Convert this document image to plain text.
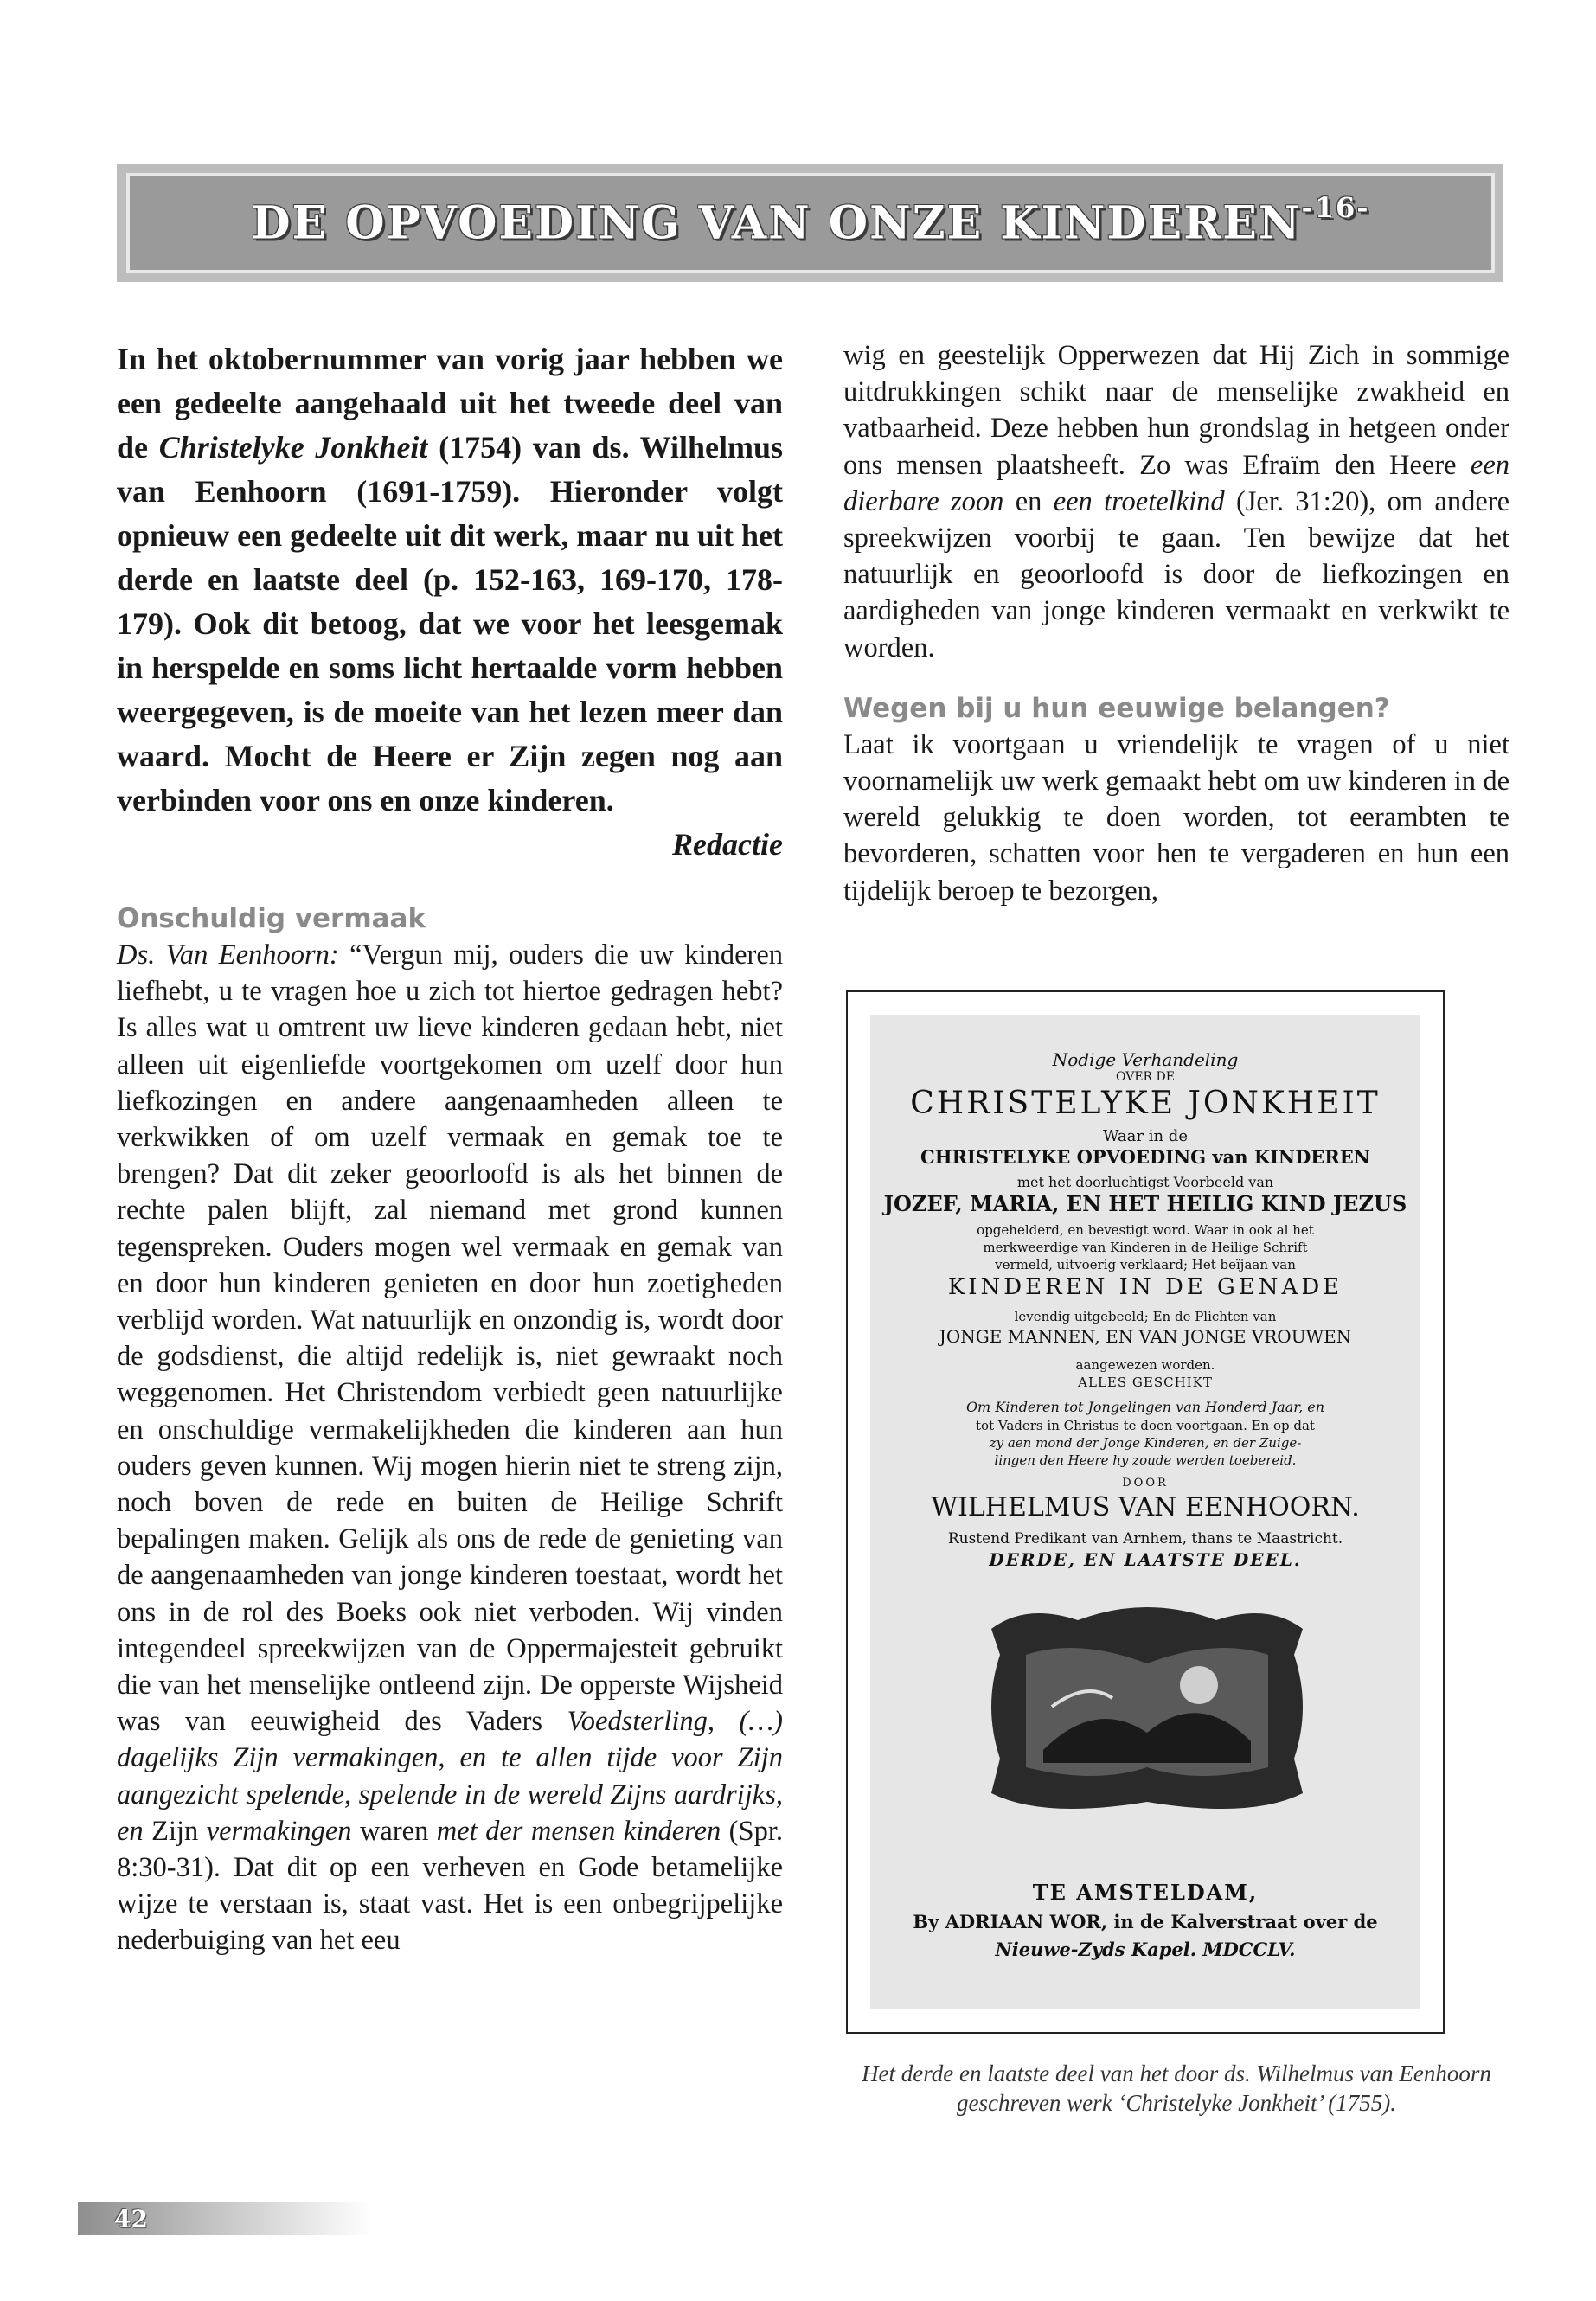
DE OPVOEDING VAN ONZE $KINDEREN^{-16-}$

In het oktobernummer van vorig jaar hebben we een gedeelte aangehaald uit het tweede deel van de Christelyke Jonkheit (1754) van ds. Wilhelmus van Eenhoorn (1691-1759). Hieronder volgt opnieuw een gedeelte uit dit werk, maar nu uit het derde en laatste deel (p. 152-163, 169-170, 178-179). Ook dit betoog, dat we voor het leesgemak in herspelde en soms licht hertaalde vorm hebben weergegeven, is de moeite van het lezen meer dan waard. Mocht de Heere er Zijn zegen nog aan verbinden voor ons en onze kinderen.

Redactie

Onschuldig vermaak

Ds. Van Eenhoorn: “Vergun mij, ouders die uw kinderen liefhebt, u te vragen hoe u zich tot hiertoe gedragen hebt? Is alles wat u omtrent uw lieve kinderen gedaan hebt, niet alleen uit eigenliefde voortgekomen om uzelf door hun liefkozingen en andere aangenaamheden alleen te verkwikken of om uzelf vermaak en gemak toe te brengen? Dat dit zeker geoorloofd is als het binnen de rechte palen blijft, zal niemand met grond kunnen tegenspreken. Ouders mogen wel vermaak en gemak van en door hun kinderen genieten en door hun zoetigheden verblijd worden. Wat natuurlijk en onzondig is, wordt door de godsdienst, die altijd redelijk is, niet gewraakt noch weggenomen. Het Christendom verbiedt geen natuurlijke en onschuldige vermakelijkheden die kinderen aan hun ouders geven kunnen. Wij mogen hierin niet te streng zijn, noch boven de rede en buiten de Heilige Schrift bepalingen maken. Gelijk als ons de rede de genieting van de aangenaamheden van jonge kinderen toestaat, wordt het ons in de rol des Boeks ook niet verboden. Wij vinden integendeel spreekwijzen van de Oppermajesteit gebruikt die van het menselijke ontleend zijn. De opperste Wijsheid was van eeuwigheid des Vaders Voedsterling, (…) dagelijks Zijn vermakingen, en te allen tijde voor Zijn aangezicht spelende, spelende in de wereld Zijns aardrijks, en Zijn vermakingen waren met der mensen kinderen (Spr. 8:30-31). Dat dit op een verheven en Gode betamelijke wijze te verstaan is, staat vast. Het is een onbegrijpelijke nederbuiging van het eeu

wig en geestelijk Opperwezen dat Hij Zich in sommige uitdrukkingen schikt naar de menselijke zwakheid en vatbaarheid. Deze hebben hun grondslag in hetgeen onder ons mensen plaatsheeft. Zo was Efraïm den Heere een dierbare zoon en een troetelkind (Jer. 31:20), om andere spreekwijzen voorbij te gaan. Ten bewijze dat het natuurlijk en geoorloofd is door de liefkozingen en aardigheden van jonge kinderen vermaakt en verkwikt te worden.

Wegen bij u hun eeuwige belangen?

Laat ik voortgaan u vriendelijk te vragen of u niet voornamelijk uw werk gemaakt hebt om uw kinderen in de wereld gelukkig te doen worden, tot eerambten te bevorderen, schatten voor hen te vergaderen en hun een tijdelijk beroep te bezorgen,

Nodige Verhandeling
OVER DE
CHRISTELYKE JONKHEIT
Waar in de
CHRISTELYKE OPVOEDING van KINDEREN
met het doorluchtigst Voorbeeld van
JOZEF, MARIA, EN HET HEILIG KIND JEZUS
opgehelderd, en bevestigt word. Waar in ook al het
merkweerdige van Kinderen in de Heilige Schrift
vermeld, uitvoerig verklaard; Het beïjaan van
KINDEREN IN DE GENADE
levendig uitgebeeld; En de Plichten van
JONGE MANNEN, EN VAN JONGE VROUWEN
aangewezen worden.
ALLES GESCHIKT
Om Kinderen tot Jongelingen van Honderd Jaar, en
tot Vaders in Christus te doen voortgaan. En op dat
zy aen mond der Jonge Kinderen, en der Zuige-
lingen den Heere hy zoude werden toebereid.
DOOR
WILHELMUS VAN EENHOORN.
Rustend Predikant van Arnhem, thans te Maastricht.
DERDE, EN LAATSTE DEEL.
TE AMSTELDAM,
By ADRIAAN WOR, in de Kalverstraat over de
Nieuwe-Zyds Kapel. MDCCLV.

Het derde en laatste deel van het door ds. Wilhelmus van Eenhoorn geschreven werk ‘Christelyke Jonkheit’ (1755).

42
